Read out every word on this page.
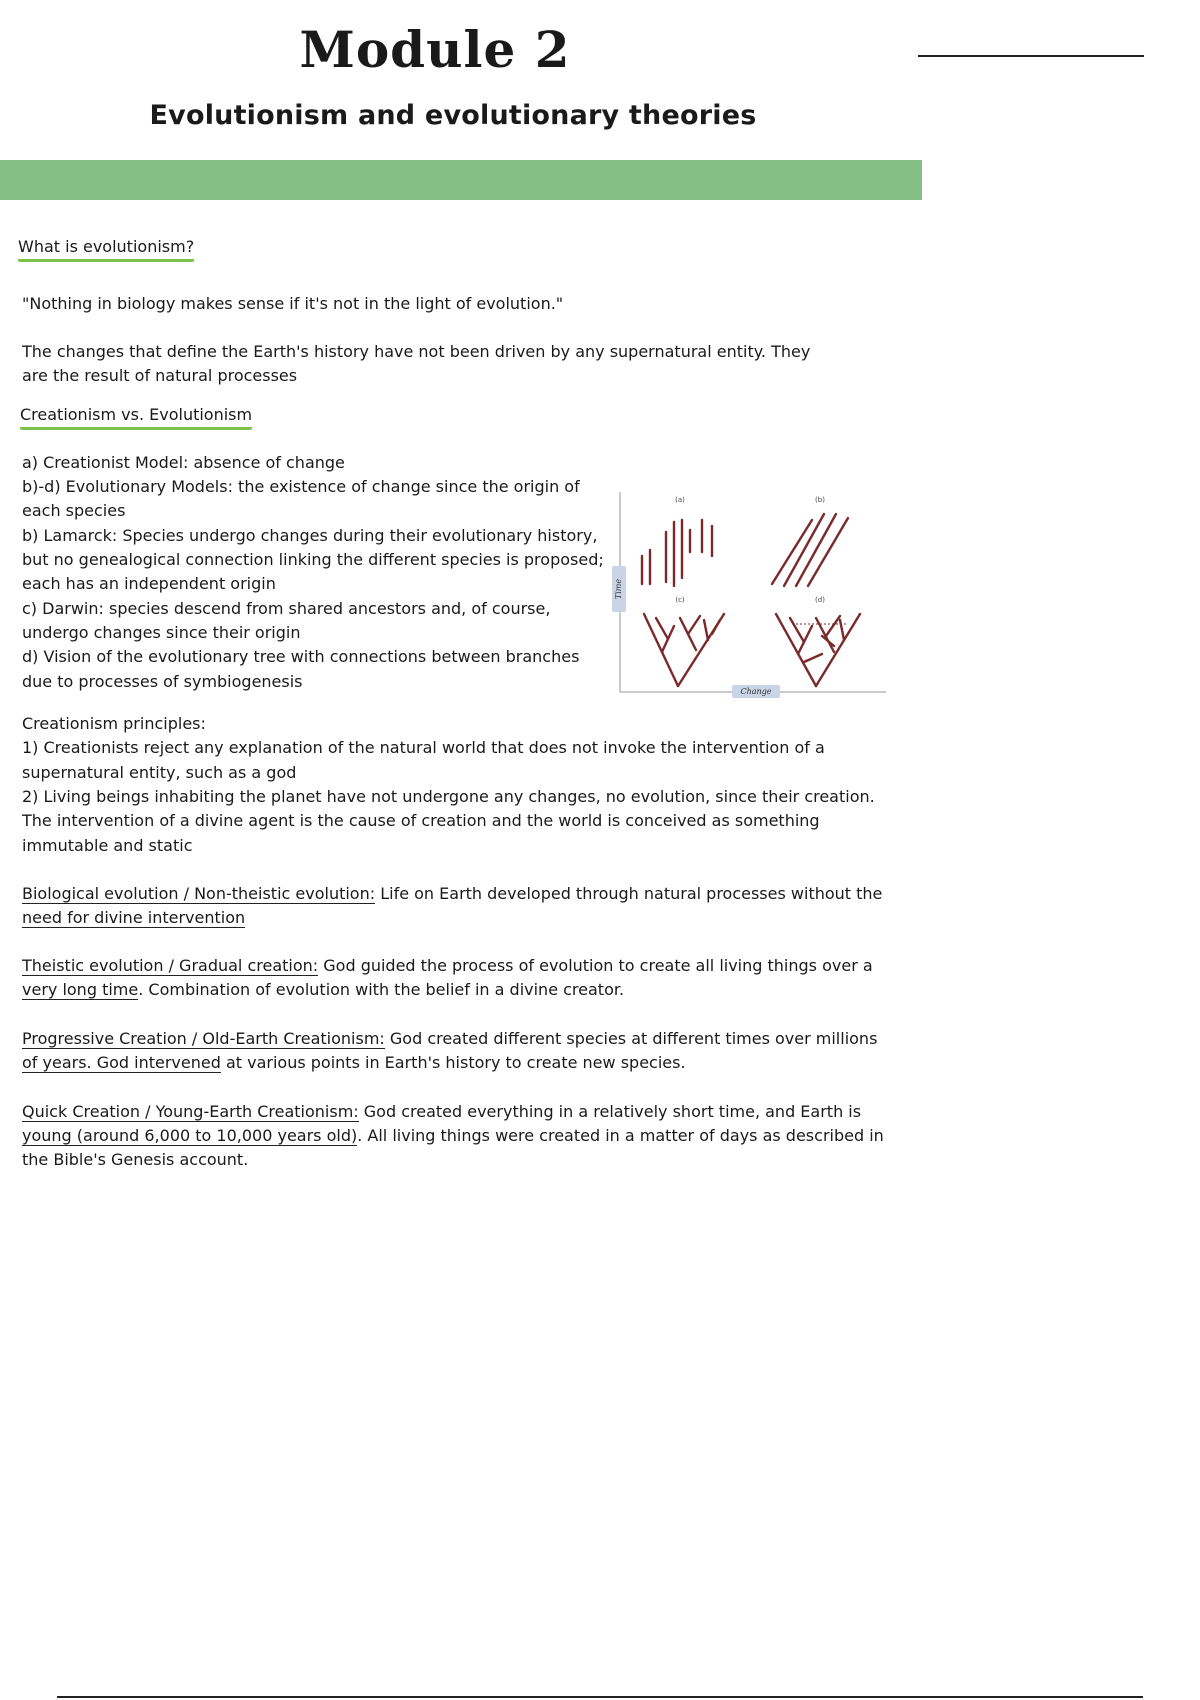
Module 2
Evolutionism and evolutionary theories
What is evolutionism?
"Nothing in biology makes sense if it's not in the light of evolution."
The changes that define the Earth's history have not been driven by any supernatural entity. They
are the result of natural processes
Creationism vs. Evolutionism
a) Creationist Model: absence of change
b)-d) Evolutionary Models: the existence of change since the origin of
each species
b) Lamarck: Species undergo changes during their evolutionary history,
but no genealogical connection linking the different species is proposed;
each has an independent origin
c) Darwin: species descend from shared ancestors and, of course,
undergo changes since their origin
d) Vision of the evolutionary tree with connections between branches
due to processes of symbiogenesis
Time
Change
(a)	(b)
(c)	(d)
Creationism principles:
1) Creationists reject any explanation of the natural world that does not invoke the intervention of a
supernatural entity, such as a god
2) Living beings inhabiting the planet have not undergone any changes, no evolution, since their creation.
The intervention of a divine agent is the cause of creation and the world is conceived as something
immutable and static
Biological evolution / Non-theistic evolution: Life on Earth developed through natural processes without the
need for divine intervention
Theistic evolution / Gradual creation: God guided the process of evolution to create all living things over a
very long time. Combination of evolution with the belief in a divine creator.
Progressive Creation / Old-Earth Creationism: God created different species at different times over millions
of years. God intervened at various points in Earth's history to create new species.
Quick Creation / Young-Earth Creationism: God created everything in a relatively short time, and Earth is
young (around 6,000 to 10,000 years old). All living things were created in a matter of days as described in
the Bible's Genesis account.
